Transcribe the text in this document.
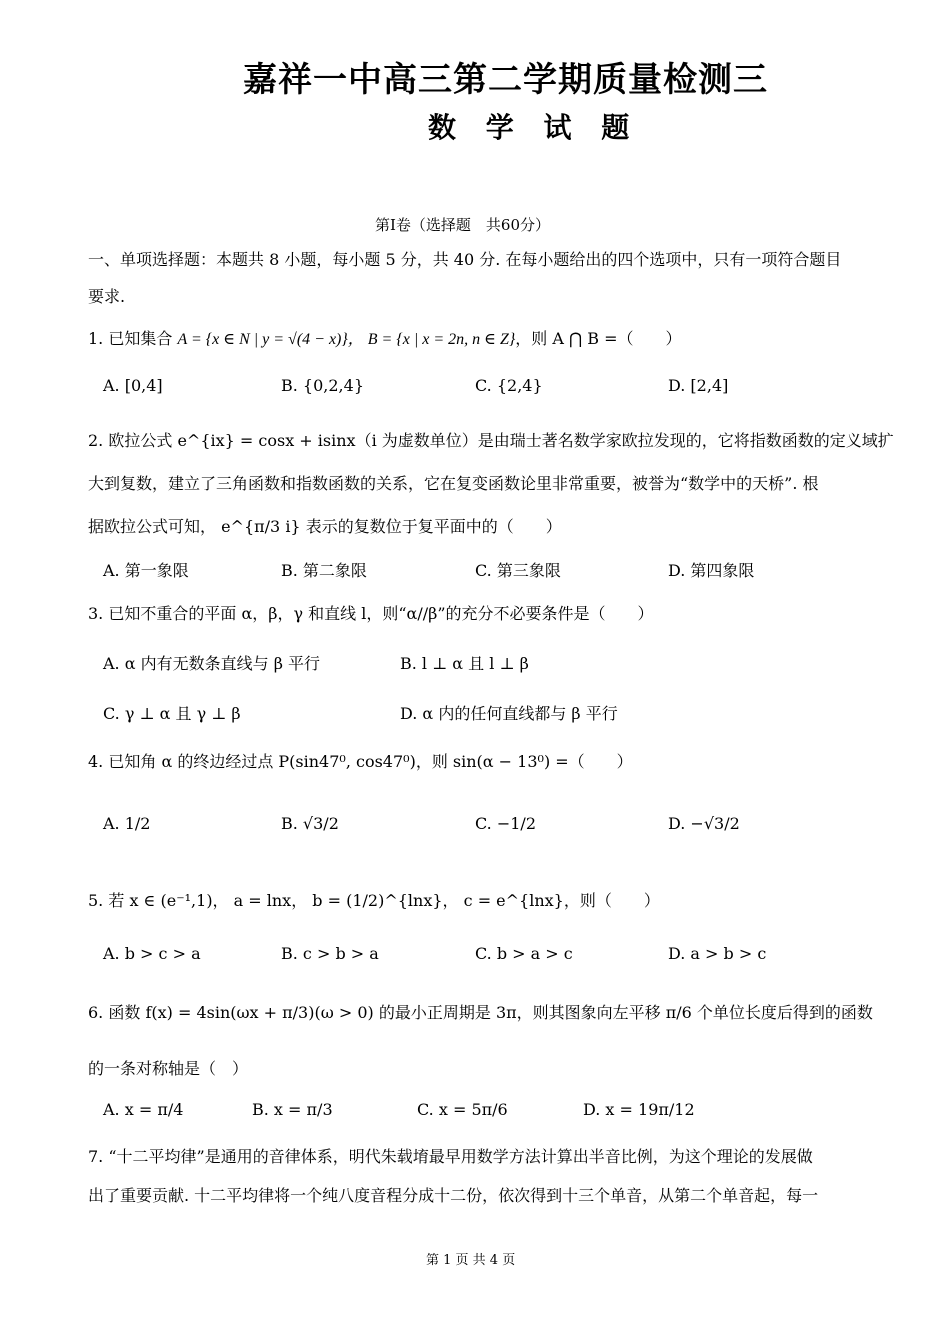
嘉祥一中高三第二学期质量检测三
数 学 试 题
第Ⅰ卷（选择题　共60分）
一、单项选择题：本题共 8 小题，每小题 5 分，共 40 分. 在每小题给出的四个选项中，只有一项符合题目
要求.
1. 已知集合 A = {x ∈ N | y = √(4 − x)}， B = {x | x = 2n, n ∈ Z}，则 A ⋂ B =（　　）
A. [0,4]	B. {0,2,4}	C. {2,4}	D. [2,4]
2. 欧拉公式 e^{ix} = cosx + isinx（i 为虚数单位）是由瑞士著名数学家欧拉发现的，它将指数函数的定义域扩
大到复数，建立了三角函数和指数函数的关系，它在复变函数论里非常重要，被誉为“数学中的天桥”. 根
据欧拉公式可知， e^{π/3 i} 表示的复数位于复平面中的（　　）
A. 第一象限	B. 第二象限	C. 第三象限	D. 第四象限
3. 已知不重合的平面 α，β，γ 和直线 l，则“α//β”的充分不必要条件是（　　）
A. α 内有无数条直线与 β 平行	B. l ⊥ α 且 l ⊥ β
C. γ ⊥ α 且 γ ⊥ β	D. α 内的任何直线都与 β 平行
4. 已知角 α 的终边经过点 P(sin47⁰, cos47⁰)，则 sin(α − 13⁰) =（　　）
A. 1/2	B. √3/2	C. −1/2	D. −√3/2
5. 若 x ∈ (e⁻¹,1)， a = lnx， b = (1/2)^{lnx}， c = e^{lnx}，则（　　）
A. b > c > a	B. c > b > a	C. b > a > c	D. a > b > c
6. 函数 f(x) = 4sin(ωx + π/3)(ω > 0) 的最小正周期是 3π，则其图象向左平移 π/6 个单位长度后得到的函数
的一条对称轴是（　）
A. x = π/4	B. x = π/3	C. x = 5π/6	D. x = 19π/12
7. “十二平均律”是通用的音律体系，明代朱载堉最早用数学方法计算出半音比例，为这个理论的发展做
出了重要贡献. 十二平均律将一个纯八度音程分成十二份，依次得到十三个单音，从第二个单音起，每一
第 1 页 共 4 页
